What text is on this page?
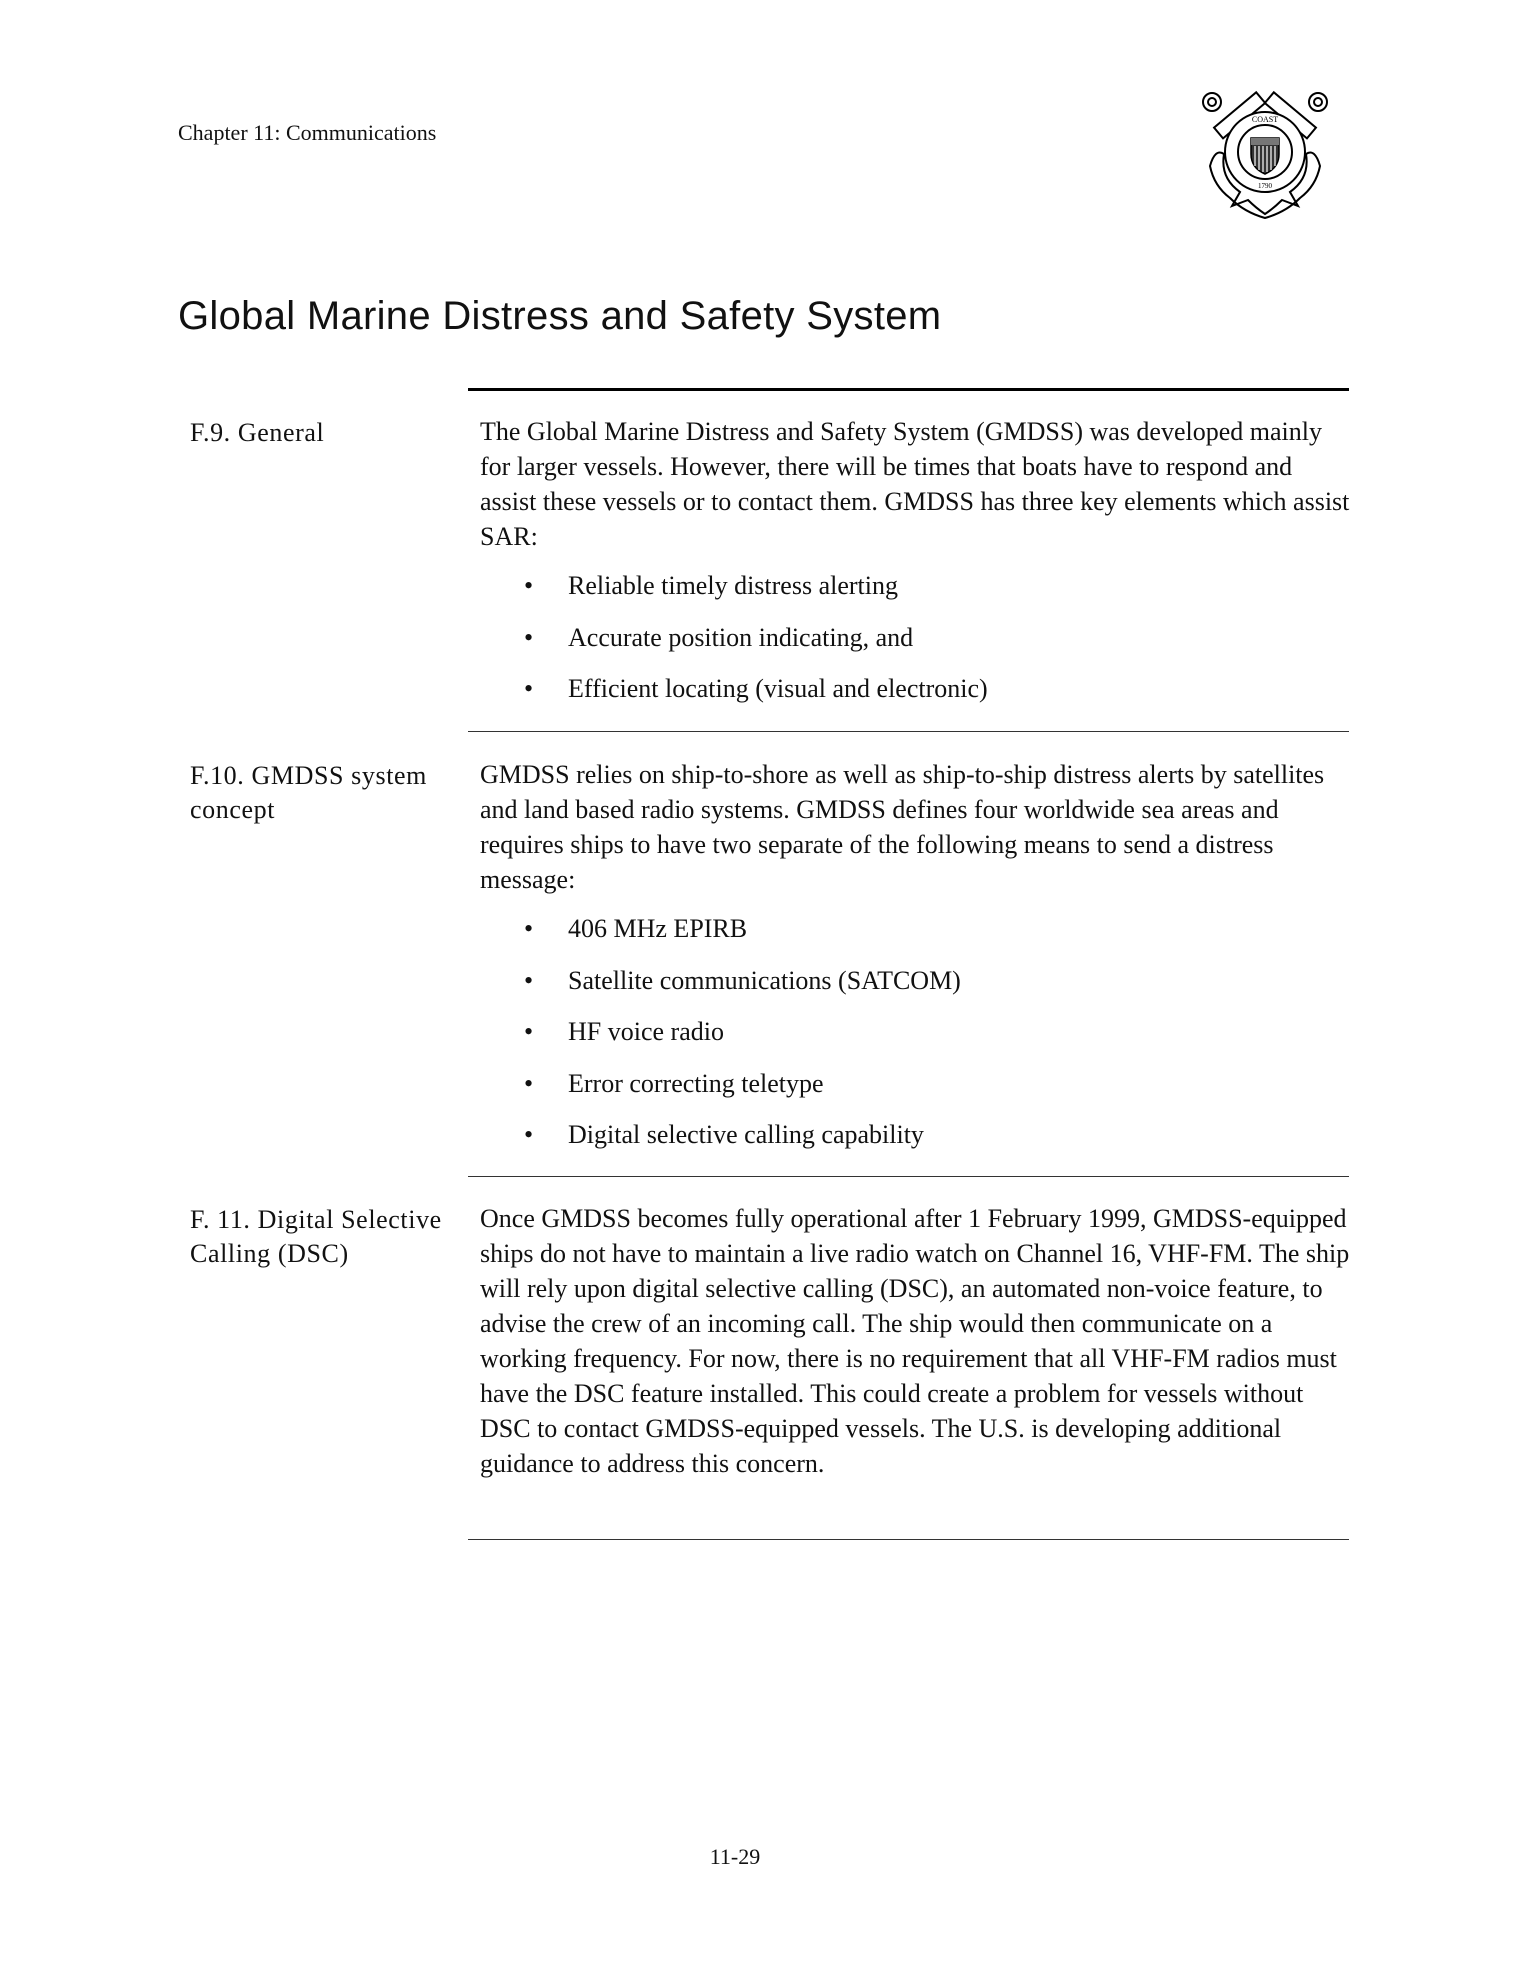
Chapter 11: Communications
COAST
1790
Global Marine Distress and Safety System
F.9. General	The Global Marine Distress and Safety System (GMDSS) was developed mainly for larger vessels. However, there will be times that boats have to respond and assist these vessels or to contact them. GMDSS has three key elements which assist SAR:

• Reliable timely distress alerting
• Accurate position indicating, and
• Efficient locating (visual and electronic)
F.10. GMDSS system concept

GMDSS relies on ship-to-shore as well as ship-to-ship distress alerts by satellites and land based radio systems. GMDSS defines four worldwide sea areas and requires ships to have two separate of the following means to send a distress message:

• 406 MHz EPIRB
• Satellite communications (SATCOM)
• HF voice radio
• Error correcting teletype
• Digital selective calling capability
F. 11. Digital Selective Calling (DSC)

Once GMDSS becomes fully operational after 1 February 1999, GMDSS-equipped ships do not have to maintain a live radio watch on Channel 16, VHF-FM. The ship will rely upon digital selective calling (DSC), an automated non-voice feature, to advise the crew of an incoming call. The ship would then communicate on a working frequency. For now, there is no requirement that all VHF-FM radios must have the DSC feature installed. This could create a problem for vessels without DSC to contact GMDSS-equipped vessels. The U.S. is developing additional guidance to address this concern.

11-29
